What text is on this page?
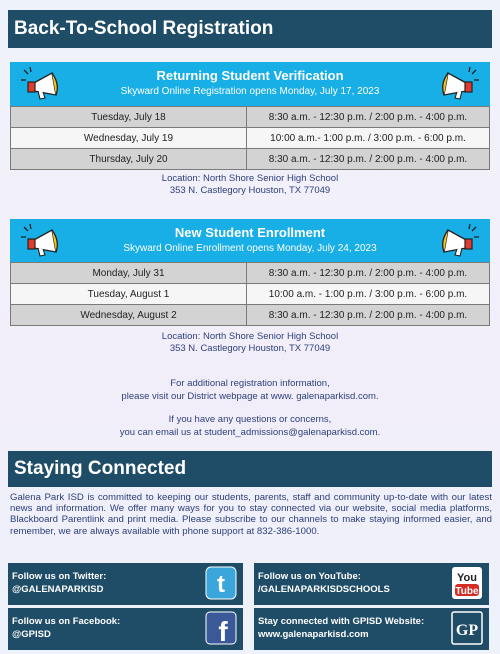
Back-To-School Registration
Returning Student Verification
Skyward Online Registration opens Monday, July 17, 2023
Tuesday, July 18	8:30 a.m. - 12:30 p.m. / 2:00 p.m. - 4:00 p.m.
Wednesday, July 19	10:00 a.m.- 1:00 p.m. / 3:00 p.m. - 6:00 p.m.
Thursday, July 20	8:30 a.m. - 12:30 p.m. / 2:00 p.m. - 4:00 p.m.
Location: North Shore Senior High School
353 N. Castlegory Houston, TX 77049
New Student Enrollment
Skyward Online Enrollment opens Monday, July 24, 2023
Monday, July 31	8:30 a.m. - 12:30 p.m. / 2:00 p.m. - 4:00 p.m.
Tuesday, August 1	10:00 a.m. - 1:00 p.m. / 3:00 p.m. - 6:00 p.m.
Wednesday, August 2	8:30 a.m. - 12:30 p.m. / 2:00 p.m. - 4:00 p.m.
Location: North Shore Senior High School
353 N. Castlegory Houston, TX 77049
For additional registration information,
please visit our District webpage at www. galenaparkisd.com.
If you have any questions or concerns,
you can email us at student_admissions@galenaparkisd.com.
Staying Connected
Galena Park ISD is committed to keeping our students, parents, staff and community up-to-date with our latest news and information. We offer many ways for you to stay connected via our website, social media platforms, Blackboard Parentlink and print media. Please subscribe to our channels to make staying informed easier, and remember, we are always available with phone support at 832-386-1000.
Follow us on Twitter:
@GALENAPARKISD	t	Follow us on YouTube:
/GALENAPARKISDSCHOOLS
You
Tube
Follow us on Facebook:
@GPISD	f	Stay connected with GPISD Website:
www.galenaparkisd.com	GP
